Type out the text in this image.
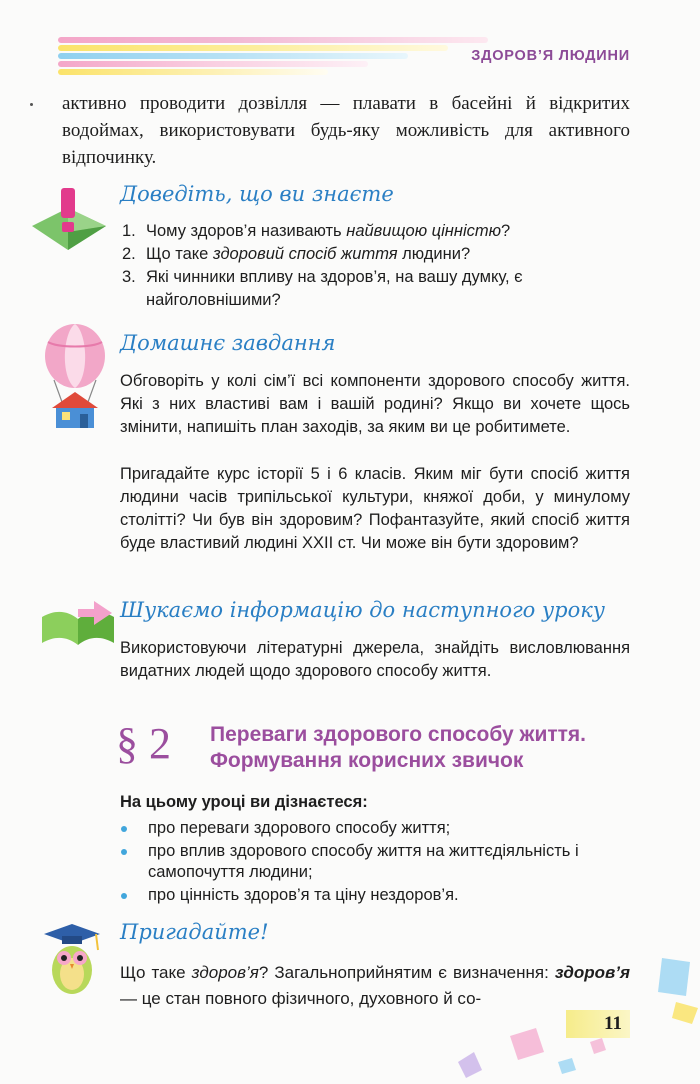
ЗДОРОВ’Я ЛЮДИНИ
активно проводити дозвілля — плавати в басейні й відкритих водоймах, використовувати будь-яку можливість для активного відпочинку.
Доведіть, що ви знаєте
1. Чому здоров’я називають найвищою цінністю?
2. Що таке здоровий спосіб життя людини?
3. Які чинники впливу на здоров’я, на вашу думку, є найголовнішими?
Домашнє завдання
Обговоріть у колі сім’ї всі компоненти здорового способу життя. Які з них властиві вам і вашій родині? Якщо ви хочете щось змінити, напишіть план заходів, за яким ви це робитимете.
Пригадайте курс історії 5 і 6 класів. Яким міг бути спосіб життя людини часів трипільської культури, княжої доби, у минулому столітті? Чи був він здоровим? Пофантазуйте, який спосіб життя буде властивий людині XXII ст. Чи може він бути здоровим?
Шукаємо інформацію до наступного уроку
Використовуючи літературні джерела, знайдіть висловлювання видатних людей щодо здорового способу життя.
§ 2 Переваги здорового способу життя.
Формування корисних звичок
На цьому уроці ви дізнаєтеся:
про переваги здорового способу життя;
про вплив здорового способу життя на життєдіяльність і самопочуття людини;
про цінність здоров’я та ціну нездоров’я.
Пригадайте!
Що таке здоров’я? Загальноприйнятим є визначення: здоров’я — це стан повного фізичного, духовного й со-
11
